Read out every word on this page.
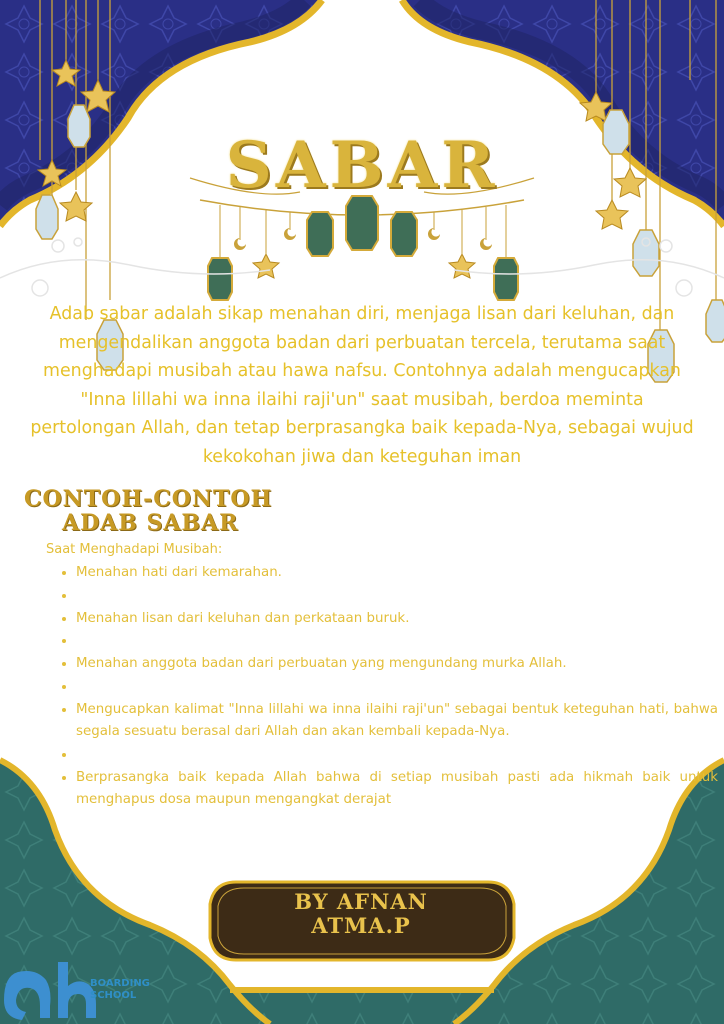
SABAR

Adab sabar adalah sikap menahan diri, menjaga lisan dari keluhan, dan mengendalikan anggota badan dari perbuatan tercela, terutama saat menghadapi musibah atau hawa nafsu. Contohnya adalah mengucapkan "Inna lillahi wa inna ilaihi raji'un" saat musibah, berdoa meminta pertolongan Allah, dan tetap berprasangka baik kepada-Nya, sebagai wujud kekokohan jiwa dan keteguhan iman

CONTOH-CONTOH
ADAB SABAR

Saat Menghadapi Musibah:

• Menahan hati dari kemarahan.
•
• Menahan lisan dari keluhan dan perkataan buruk.
•
• Menahan anggota badan dari perbuatan yang mengundang murka Allah.
•
• Mengucapkan kalimat "Inna lillahi wa inna ilaihi raji'un" sebagai bentuk keteguhan hati, bahwa segala sesuatu berasal dari Allah dan akan kembali kepada-Nya.
•
• Berprasangka baik kepada Allah bahwa di setiap musibah pasti ada hikmah baik untuk menghapus dosa maupun mengangkat derajat
BY AFNAN
ATMA.P
BOARDING
SCHOOL
